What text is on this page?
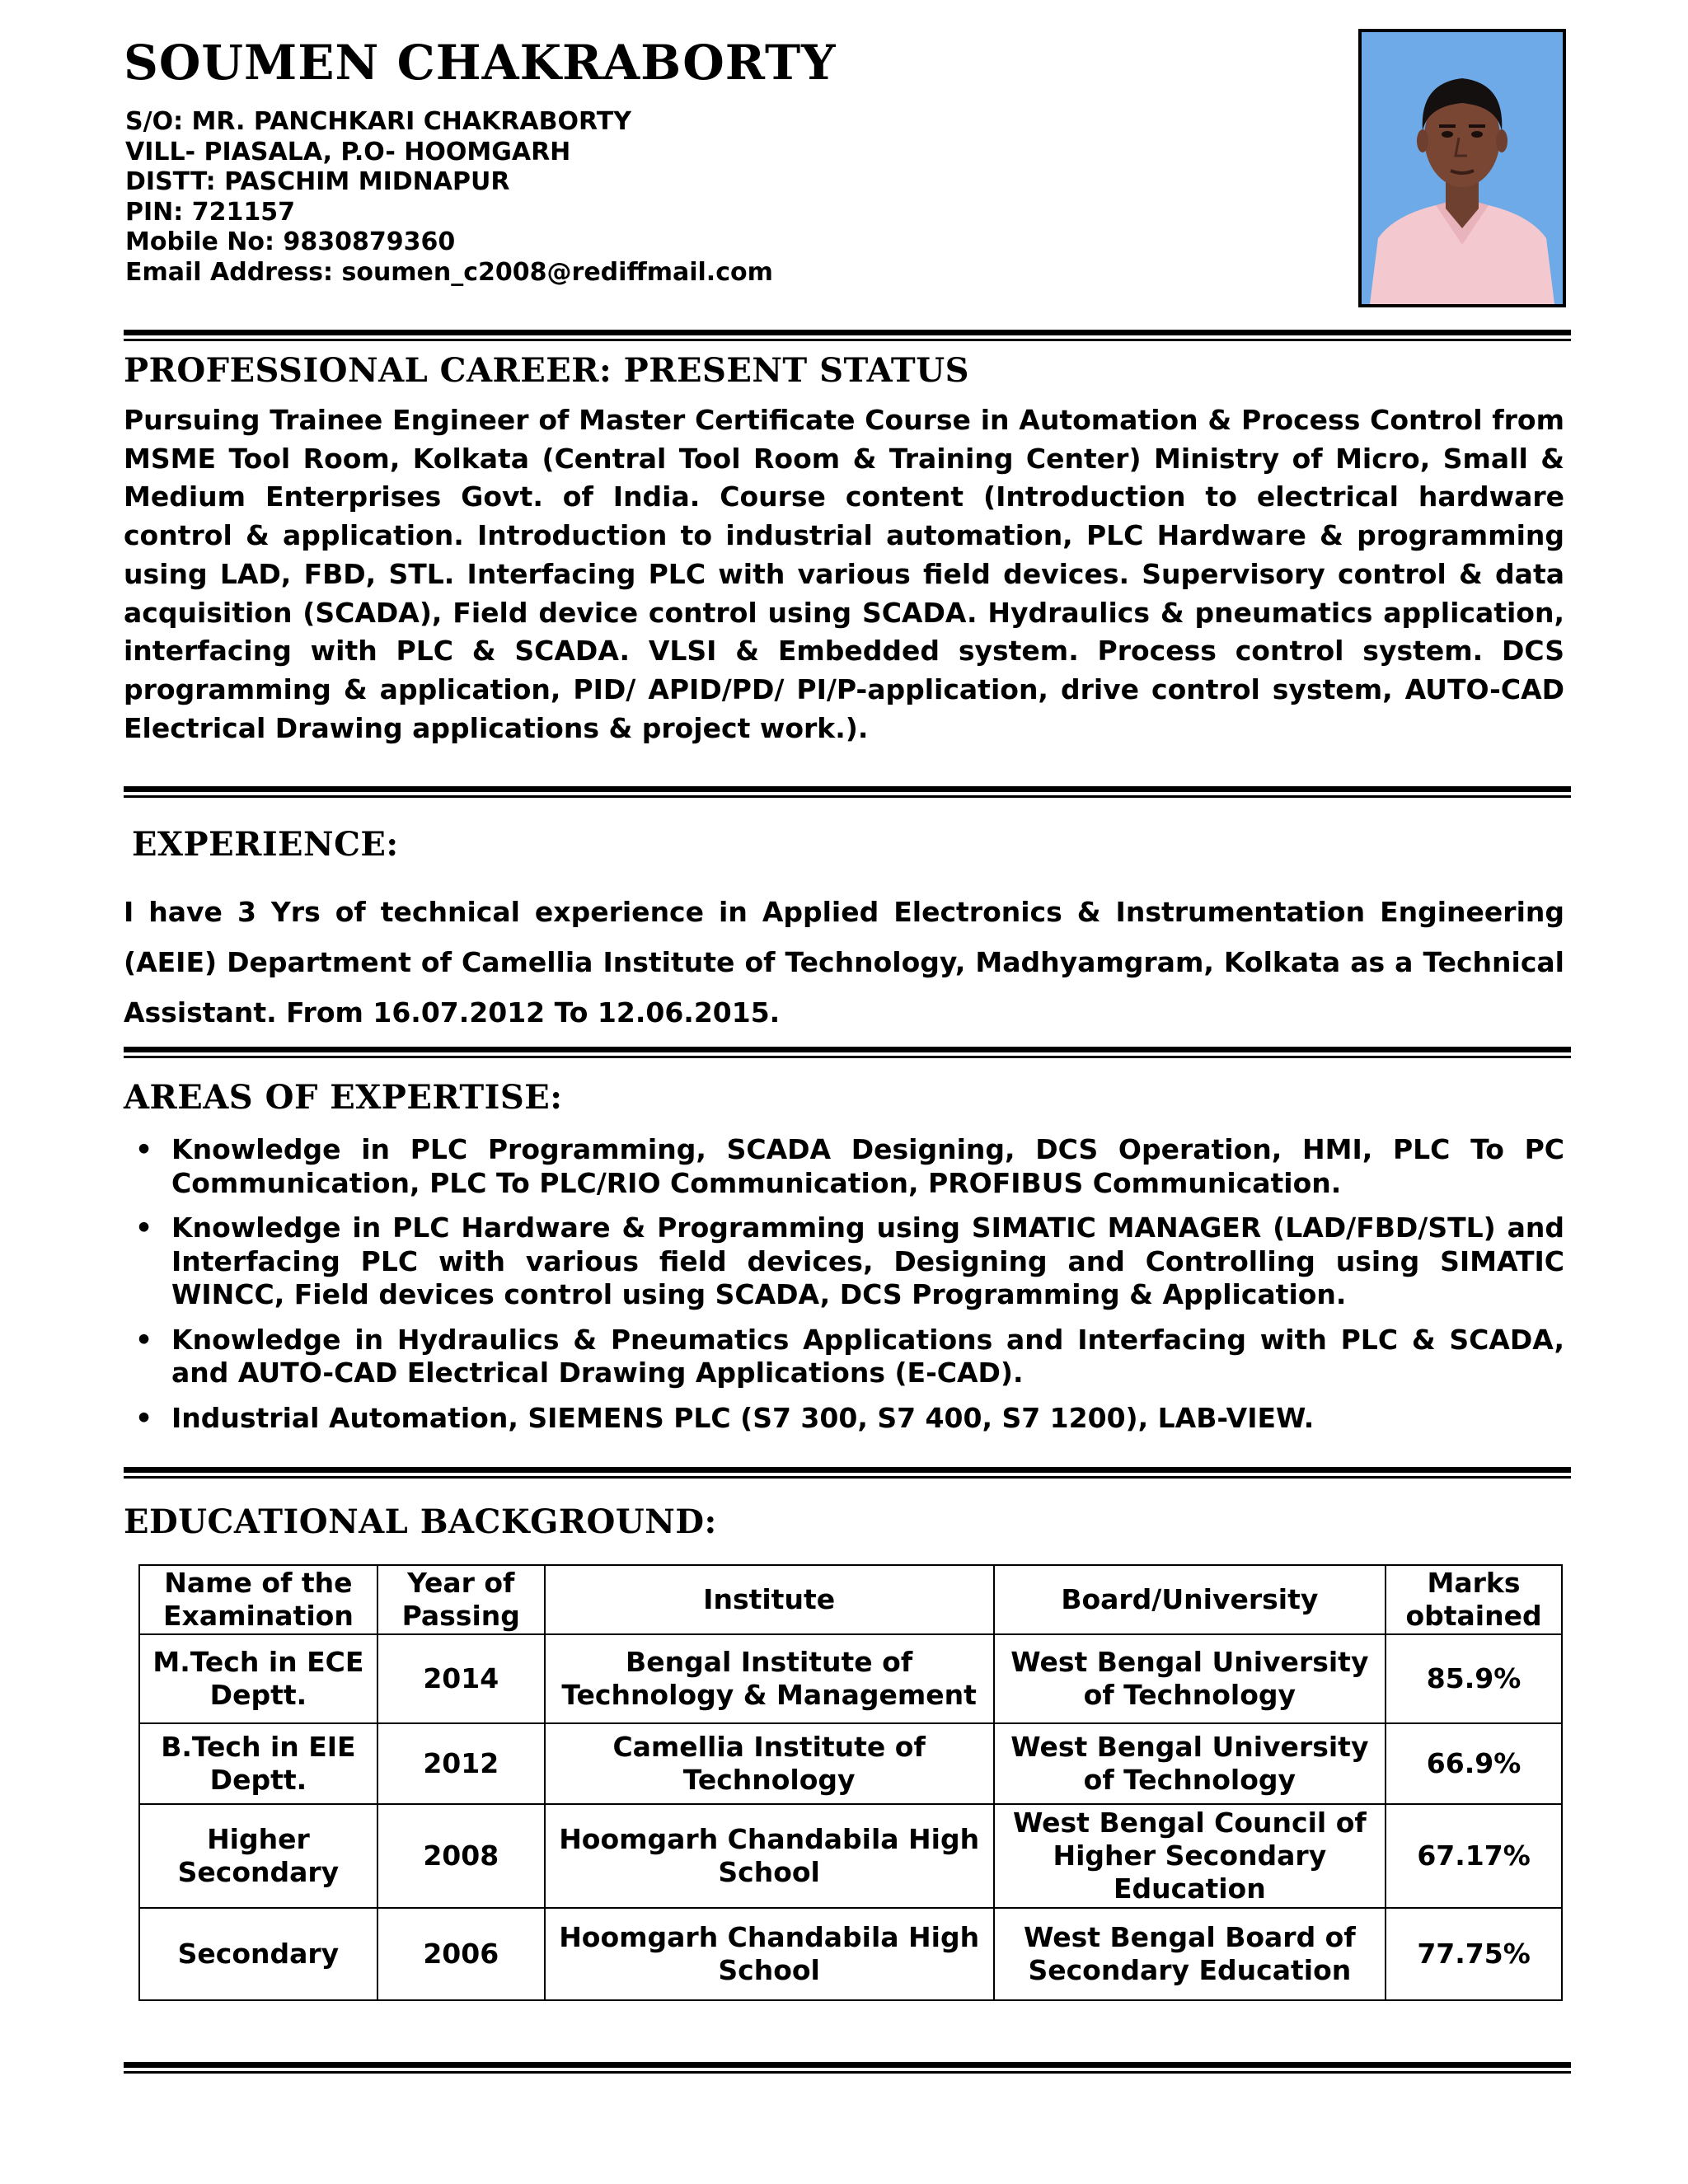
SOUMEN CHAKRABORTY
S/O: MR. PANCHKARI CHAKRABORTY
VILL- PIASALA, P.O- HOOMGARH
DISTT: PASCHIM MIDNAPUR
PIN: 721157
Mobile No: 9830879360
Email Address: soumen_c2008@rediffmail.com
PROFESSIONAL CAREER: PRESENT STATUS
Pursuing Trainee Engineer of Master Certificate Course in Automation & Process Control from MSME Tool Room, Kolkata (Central Tool Room & Training Center) Ministry of Micro, Small & Medium Enterprises Govt. of India. Course content (Introduction to electrical hardware control & application. Introduction to industrial automation, PLC Hardware & programming using LAD, FBD, STL. Interfacing PLC with various field devices. Supervisory control & data acquisition (SCADA), Field device control using SCADA. Hydraulics & pneumatics application, interfacing with PLC & SCADA. VLSI & Embedded system. Process control system. DCS programming & application, PID/ APID/PD/ PI/P-application, drive control system, AUTO-CAD Electrical Drawing applications & project work.).
EXPERIENCE:
I have 3 Yrs of technical experience in Applied Electronics & Instrumentation Engineering (AEIE) Department of Camellia Institute of Technology, Madhyamgram, Kolkata as a Technical Assistant. From 16.07.2012 To 12.06.2015.
AREAS OF EXPERTISE:
• Knowledge in PLC Programming, SCADA Designing, DCS Operation, HMI, PLC To PC Communication, PLC To PLC/RIO Communication, PROFIBUS Communication.
• Knowledge in PLC Hardware & Programming using SIMATIC MANAGER (LAD/FBD/STL) and Interfacing PLC with various field devices, Designing and Controlling using SIMATIC WINCC, Field devices control using SCADA, DCS Programming & Application.
• Knowledge in Hydraulics & Pneumatics Applications and Interfacing with PLC & SCADA, and AUTO-CAD Electrical Drawing Applications (E-CAD).
• Industrial Automation, SIEMENS PLC (S7 300, S7 400, S7 1200), LAB-VIEW.
EDUCATIONAL BACKGROUND:
Name of the Examination	Year of Passing	Institute	Board/University	Marks obtained
M.Tech in ECE Deptt.	2014	Bengal Institute of Technology & Management	West Bengal University of Technology	85.9%
B.Tech in EIE Deptt.	2012	Camellia Institute of Technology	West Bengal University of Technology	66.9%
Higher Secondary	2008	Hoomgarh Chandabila High School	West Bengal Council of Higher Secondary Education	67.17%
Secondary	2006	Hoomgarh Chandabila High School	West Bengal Board of Secondary Education	77.75%
